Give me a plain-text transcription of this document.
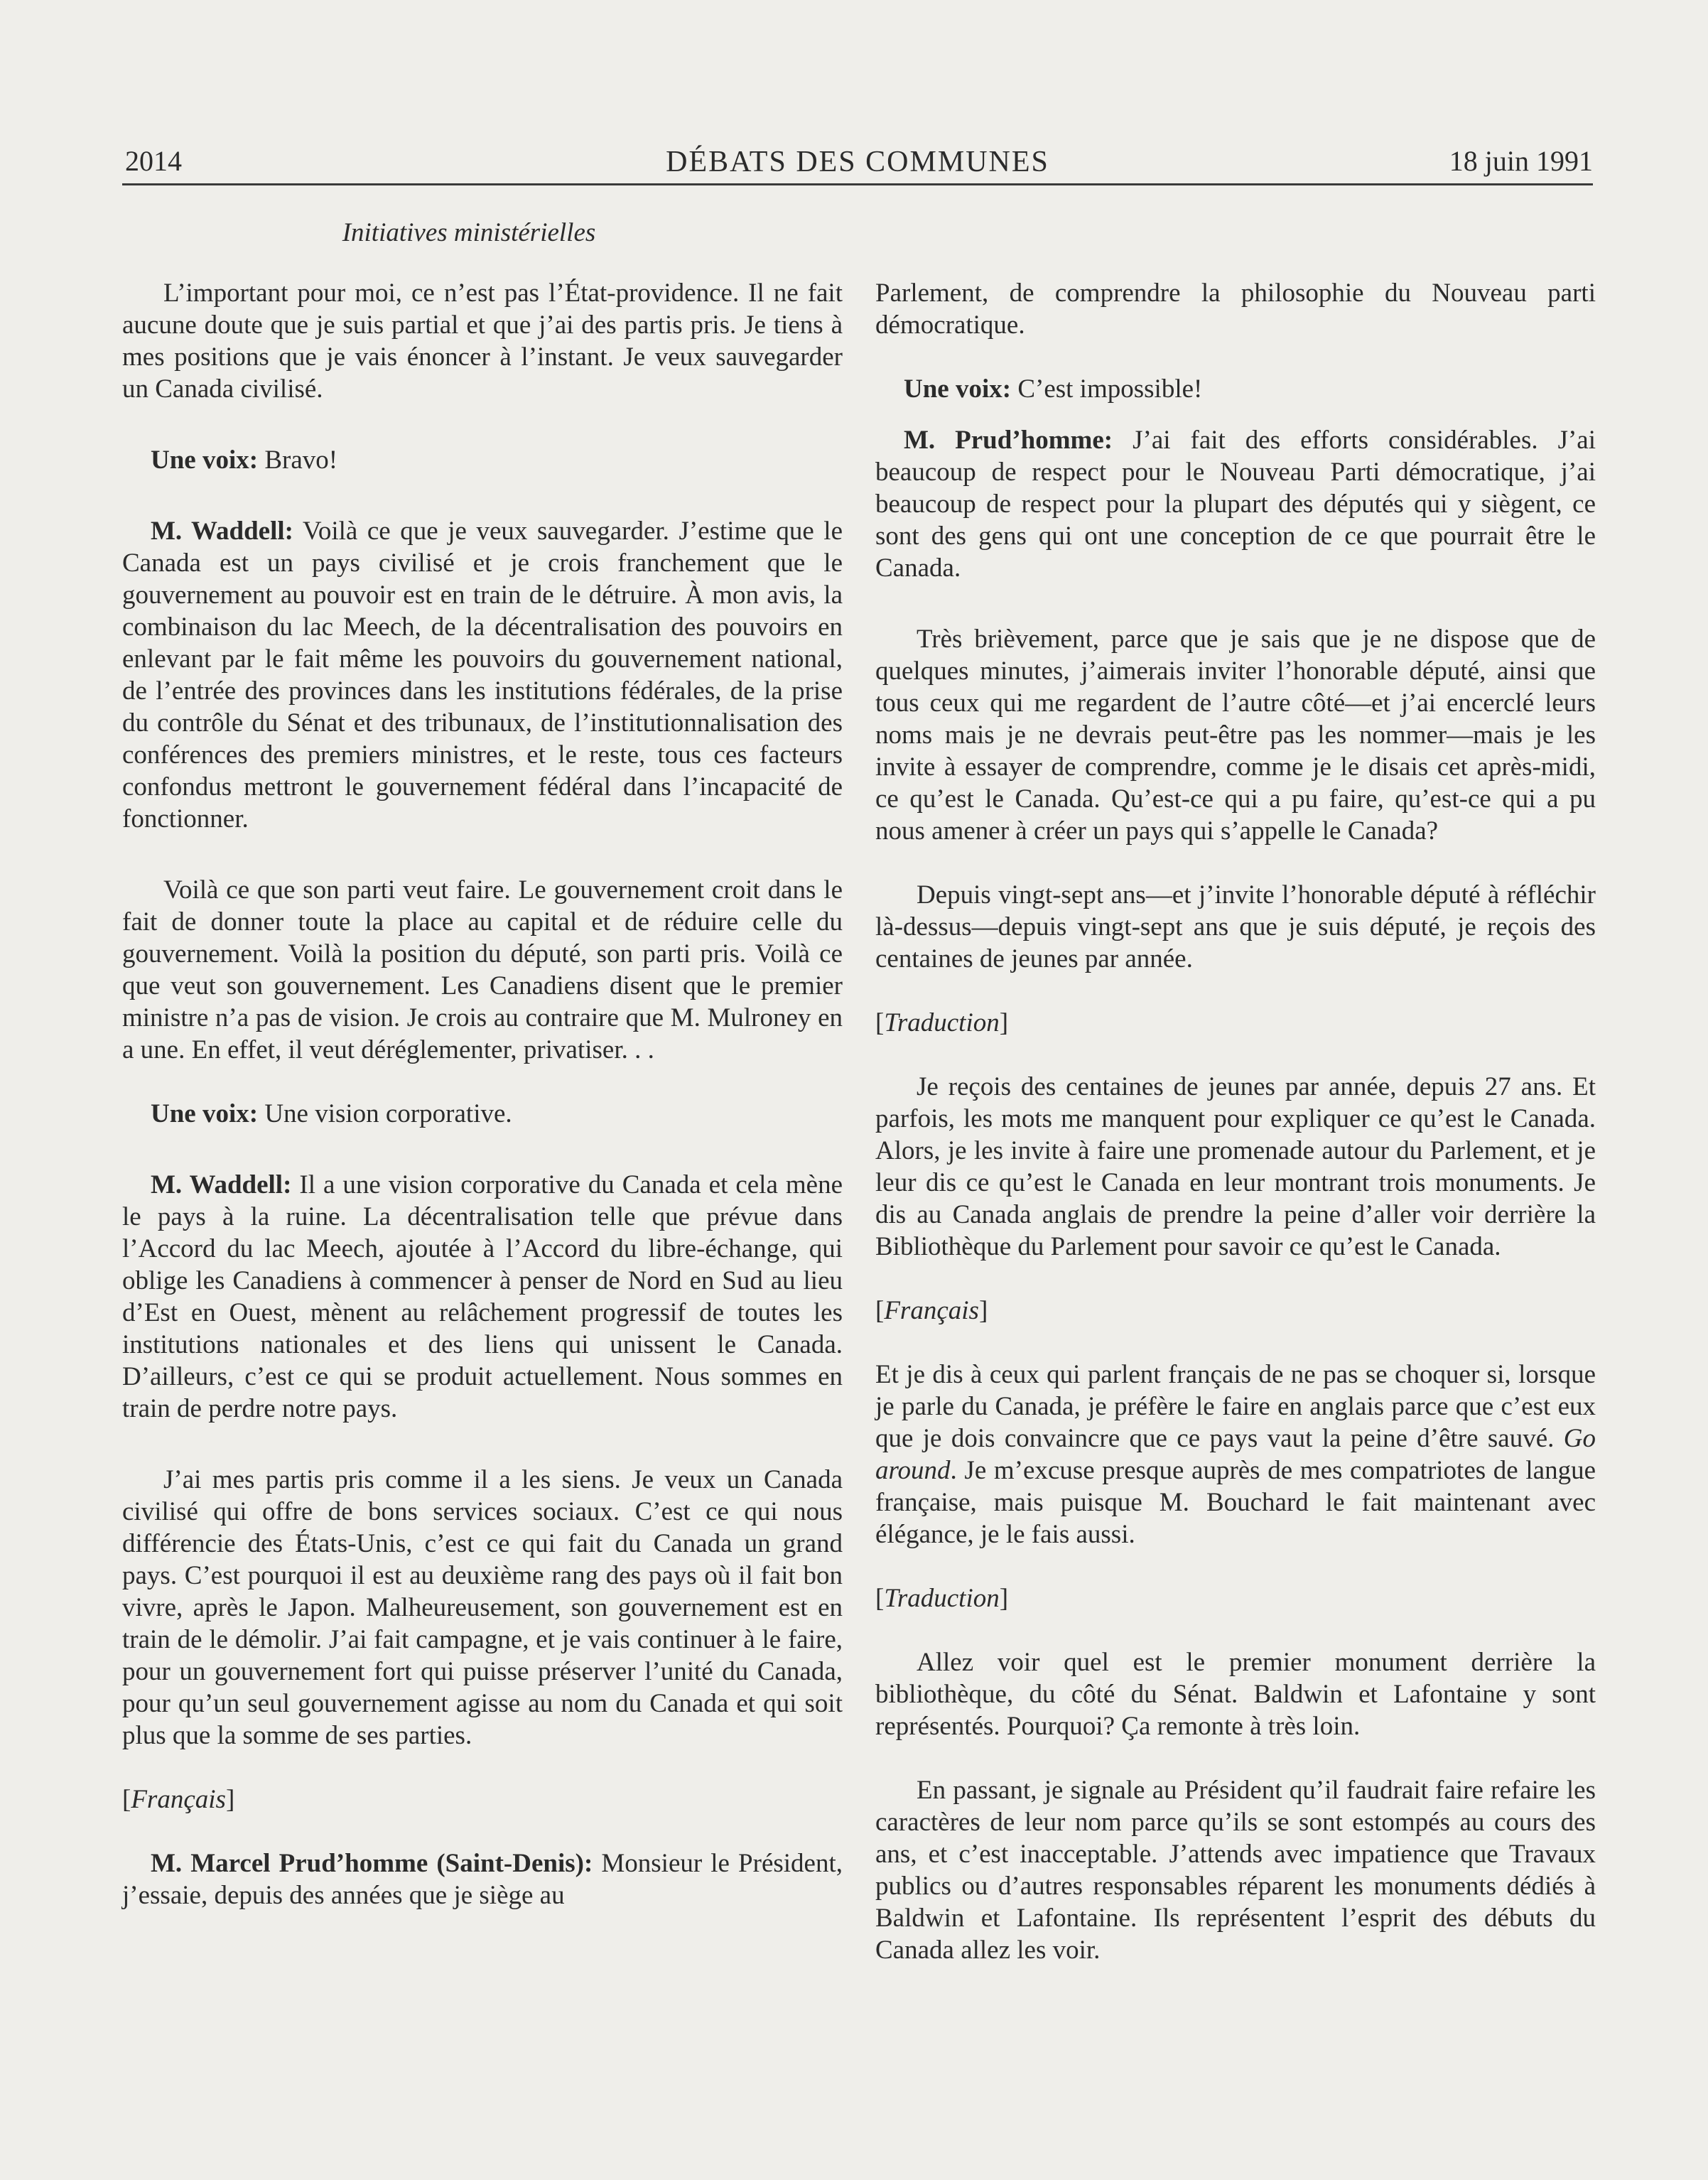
2014	DÉBATS DES COMMUNES	18 juin 1991
Initiatives ministérielles

L’important pour moi, ce n’est pas l’État-providence. Il ne fait aucune doute que je suis partial et que j’ai des partis pris. Je tiens à mes positions que je vais énoncer à l’instant. Je veux sauvegarder un Canada civilisé.

Une voix: Bravo!

M. Waddell: Voilà ce que je veux sauvegarder. J’estime que le Canada est un pays civilisé et je crois franchement que le gouvernement au pouvoir est en train de le détruire. À mon avis, la combinaison du lac Meech, de la décentralisation des pouvoirs en enlevant par le fait même les pouvoirs du gouvernement national, de l’entrée des provinces dans les institutions fédérales, de la prise du contrôle du Sénat et des tribunaux, de l’institutionnalisation des conférences des premiers ministres, et le reste, tous ces facteurs confondus mettront le gouvernement fédéral dans l’incapacité de fonctionner.

Voilà ce que son parti veut faire. Le gouvernement croit dans le fait de donner toute la place au capital et de réduire celle du gouvernement. Voilà la position du député, son parti pris. Voilà ce que veut son gouvernement. Les Canadiens disent que le premier ministre n’a pas de vision. Je crois au contraire que M. Mulroney en a une. En effet, il veut déréglementer, privatiser. . .

Une voix: Une vision corporative.

M. Waddell: Il a une vision corporative du Canada et cela mène le pays à la ruine. La décentralisation telle que prévue dans l’Accord du lac Meech, ajoutée à l’Accord du libre-échange, qui oblige les Canadiens à commencer à penser de Nord en Sud au lieu d’Est en Ouest, mènent au relâchement progressif de toutes les institutions nationales et des liens qui unissent le Canada. D’ailleurs, c’est ce qui se produit actuellement. Nous sommes en train de perdre notre pays.

J’ai mes partis pris comme il a les siens. Je veux un Canada civilisé qui offre de bons services sociaux. C’est ce qui nous différencie des États-Unis, c’est ce qui fait du Canada un grand pays. C’est pourquoi il est au deuxième rang des pays où il fait bon vivre, après le Japon. Malheureusement, son gouvernement est en train de le démolir. J’ai fait campagne, et je vais continuer à le faire, pour un gouvernement fort qui puisse préserver l’unité du Canada, pour qu’un seul gouvernement agisse au nom du Canada et qui soit plus que la somme de ses parties.

[Français]

M. Marcel Prud’homme (Saint-Denis): Monsieur le Président, j’essaie, depuis des années que je siège au

Parlement, de comprendre la philosophie du Nouveau parti démocratique.

Une voix: C’est impossible!

M. Prud’homme: J’ai fait des efforts considérables. J’ai beaucoup de respect pour le Nouveau Parti démocratique, j’ai beaucoup de respect pour la plupart des députés qui y siègent, ce sont des gens qui ont une conception de ce que pourrait être le Canada.

Très brièvement, parce que je sais que je ne dispose que de quelques minutes, j’aimerais inviter l’honorable député, ainsi que tous ceux qui me regardent de l’autre côté—et j’ai encerclé leurs noms mais je ne devrais peut-être pas les nommer—mais je les invite à essayer de comprendre, comme je le disais cet après-midi, ce qu’est le Canada. Qu’est-ce qui a pu faire, qu’est-ce qui a pu nous amener à créer un pays qui s’appelle le Canada?

Depuis vingt-sept ans—et j’invite l’honorable député à réfléchir là-dessus—depuis vingt-sept ans que je suis député, je reçois des centaines de jeunes par année.

[Traduction]

Je reçois des centaines de jeunes par année, depuis 27 ans. Et parfois, les mots me manquent pour expliquer ce qu’est le Canada. Alors, je les invite à faire une promenade autour du Parlement, et je leur dis ce qu’est le Canada en leur montrant trois monuments. Je dis au Canada anglais de prendre la peine d’aller voir derrière la Bibliothèque du Parlement pour savoir ce qu’est le Canada.

[Français]

Et je dis à ceux qui parlent français de ne pas se choquer si, lorsque je parle du Canada, je préfère le faire en anglais parce que c’est eux que je dois convaincre que ce pays vaut la peine d’être sauvé. Go around. Je m’excuse presque auprès de mes compatriotes de langue française, mais puisque M. Bouchard le fait maintenant avec élégance, je le fais aussi.

[Traduction]

Allez voir quel est le premier monument derrière la bibliothèque, du côté du Sénat. Baldwin et Lafontaine y sont représentés. Pourquoi? Ça remonte à très loin.

En passant, je signale au Président qu’il faudrait faire refaire les caractères de leur nom parce qu’ils se sont estompés au cours des ans, et c’est inacceptable. J’attends avec impatience que Travaux publics ou d’autres responsables réparent les monuments dédiés à Baldwin et Lafontaine. Ils représentent l’esprit des débuts du Canada allez les voir.
